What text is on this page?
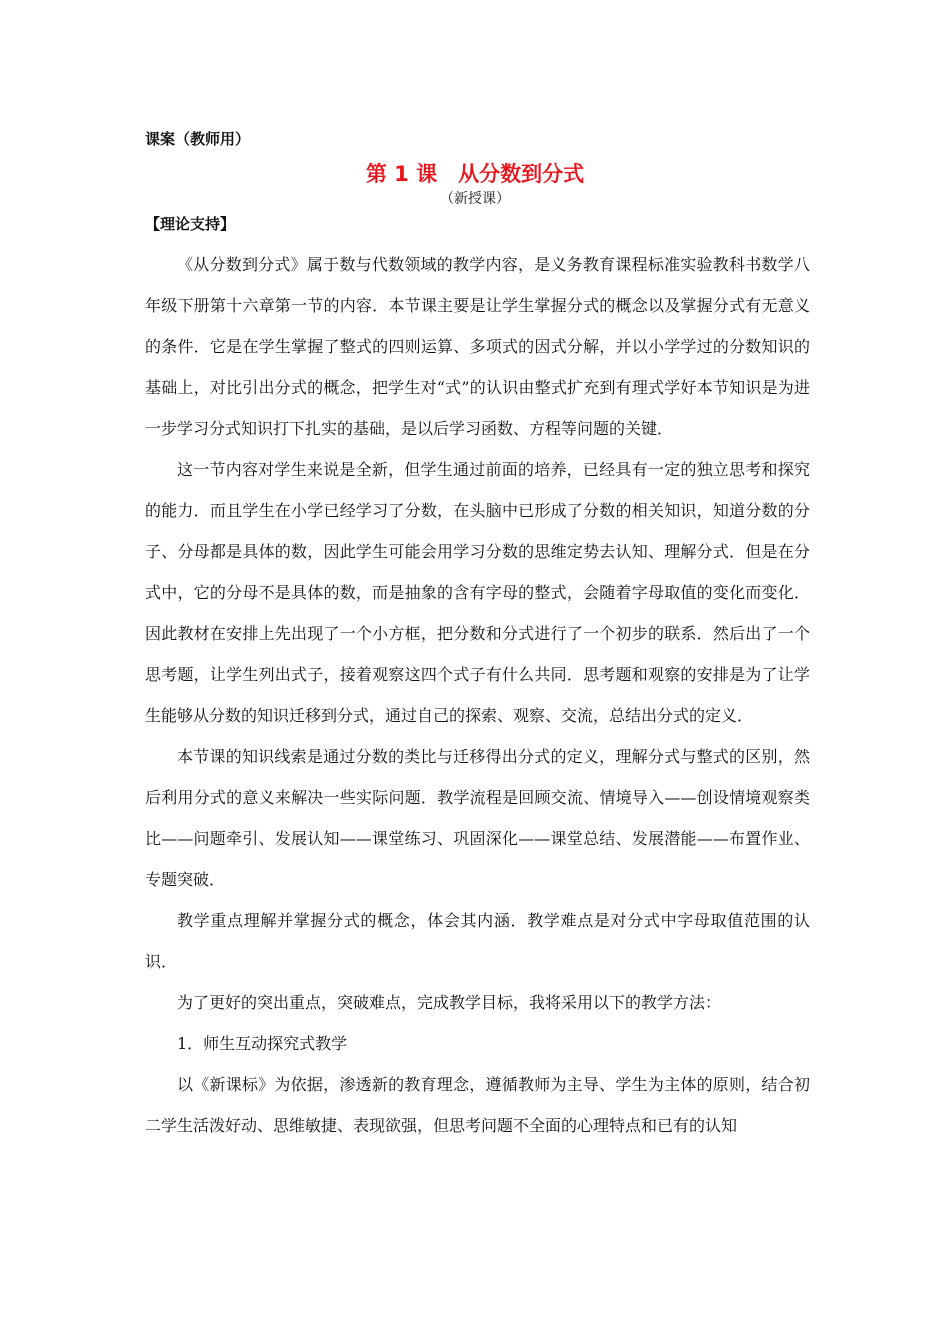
课案（教师用）
第 1 课　从分数到分式
（新授课）
【理论支持】

《从分数到分式》属于数与代数领域的教学内容，是义务教育课程标准实验教科书数学八年级下册第十六章第一节的内容．本节课主要是让学生掌握分式的概念以及掌握分式有无意义的条件．它是在学生掌握了整式的四则运算、多项式的因式分解，并以小学学过的分数知识的基础上，对比引出分式的概念，把学生对“式”的认识由整式扩充到有理式学好本节知识是为进一步学习分式知识打下扎实的基础，是以后学习函数、方程等问题的关键．

这一节内容对学生来说是全新，但学生通过前面的培养，已经具有一定的独立思考和探究的能力．而且学生在小学已经学习了分数，在头脑中已形成了分数的相关知识，知道分数的分子、分母都是具体的数，因此学生可能会用学习分数的思维定势去认知、理解分式．但是在分式中，它的分母不是具体的数，而是抽象的含有字母的整式，会随着字母取值的变化而变化．因此教材在安排上先出现了一个小方框，把分数和分式进行了一个初步的联系．然后出了一个思考题，让学生列出式子，接着观察这四个式子有什么共同．思考题和观察的安排是为了让学生能够从分数的知识迁移到分式，通过自己的探索、观察、交流，总结出分式的定义．

本节课的知识线索是通过分数的类比与迁移得出分式的定义，理解分式与整式的区别，然后利用分式的意义来解决一些实际问题．教学流程是回顾交流、情境导入——创设情境观察类比——问题牵引、发展认知——课堂练习、巩固深化——课堂总结、发展潜能——布置作业、专题突破．

教学重点理解并掌握分式的概念，体会其内涵．教学难点是对分式中字母取值范围的认识．

为了更好的突出重点，突破难点，完成教学目标，我将采用以下的教学方法：

1．师生互动探究式教学

以《新课标》为依据，渗透新的教育理念，遵循教师为主导、学生为主体的原则，结合初二学生活泼好动、思维敏捷、表现欲强，但思考问题不全面的心理特点和已有的认知
